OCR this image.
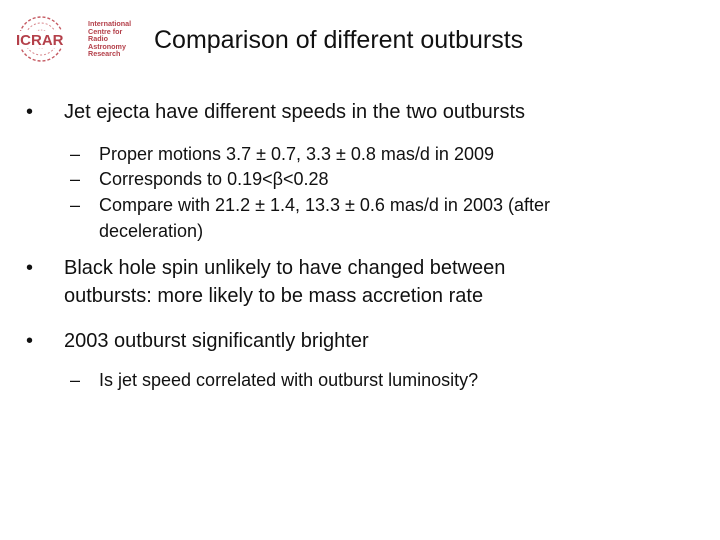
ICRAR
International
Centre for
Radio
Astronomy
Research	Comparison of different outbursts
• Jet ejecta have different speeds in the two outbursts
– Proper motions 3.7 ± 0.7, 3.3 ± 0.8 mas/d in 2009
– Corresponds to 0.19<β<0.28
– Compare with 21.2 ± 1.4, 13.3 ± 0.6 mas/d in 2003 (after
deceleration)
• Black hole spin unlikely to have changed between
outbursts: more likely to be mass accretion rate
• 2003 outburst significantly brighter
– Is jet speed correlated with outburst luminosity?
